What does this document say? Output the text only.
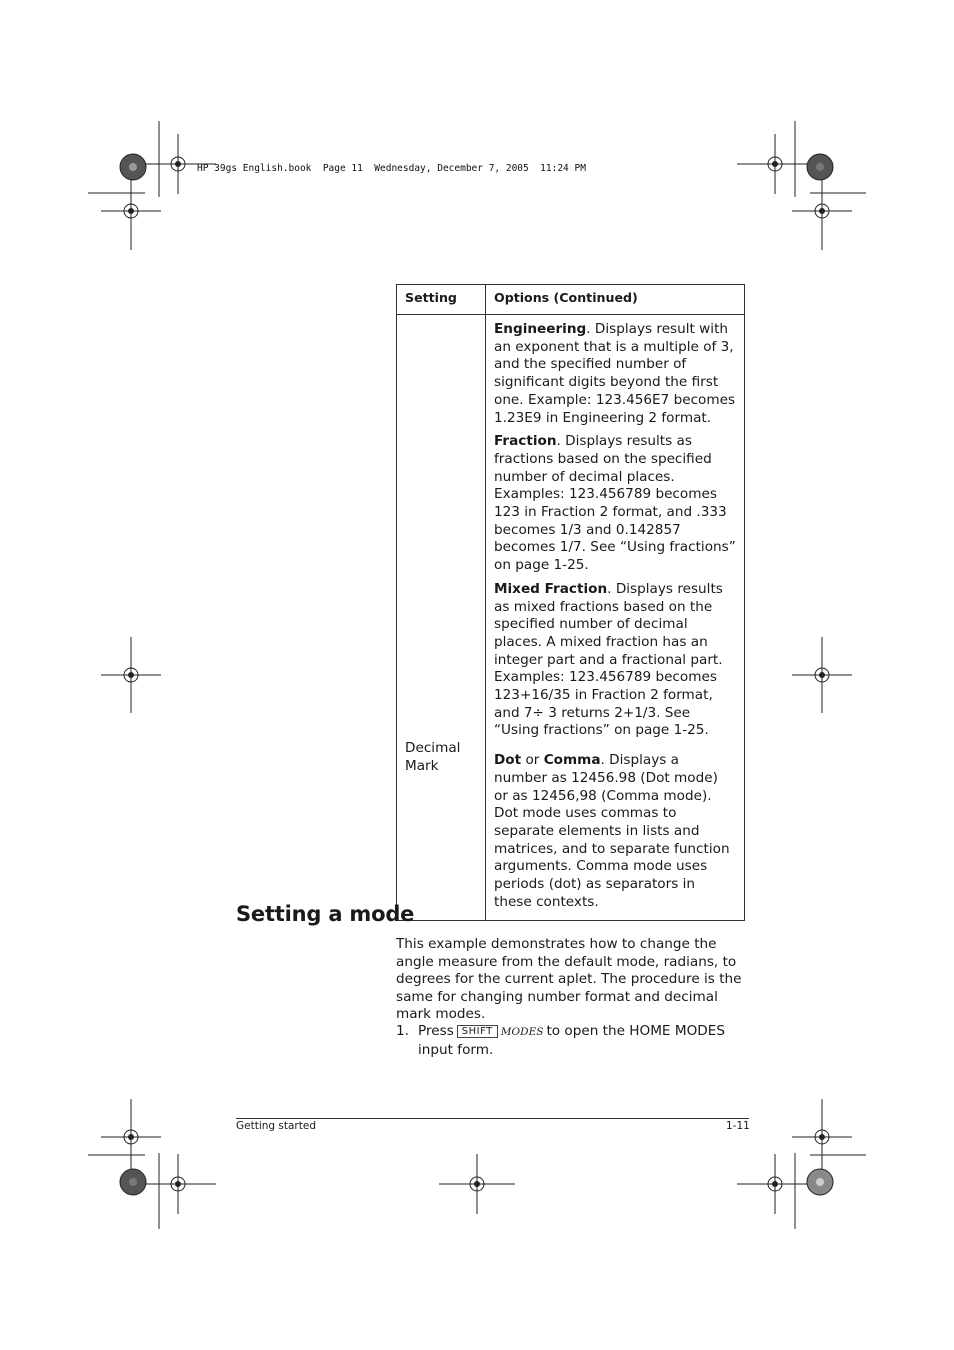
HP 39gs English.book  Page 11  Wednesday, December 7, 2005  11:24 PM
Setting	Options (Continued)

Decimal Mark	Engineering. Displays result with an exponent that is a multiple of 3, and the specified number of significant digits beyond the first one. Example: 123.456E7 becomes 1.23E9 in Engineering 2 format.

Fraction. Displays results as fractions based on the specified number of decimal places. Examples: 123.456789 becomes 123 in Fraction 2 format, and .333 becomes 1/3 and 0.142857 becomes 1/7. See “Using fractions” on page 1-25.

Mixed Fraction. Displays results as mixed fractions based on the specified number of decimal places. A mixed fraction has an integer part and a fractional part. Examples: 123.456789 becomes 123+16/35 in Fraction 2 format, and 7÷ 3 returns 2+1/3. See “Using fractions” on page 1-25.

Dot or Comma. Displays a number as 12456.98 (Dot mode) or as 12456,98 (Comma mode). Dot mode uses commas to separate elements in lists and matrices, and to separate function arguments. Comma mode uses periods (dot) as separators in these contexts.

Setting a mode

This example demonstrates how to change the angle measure from the default mode, radians, to degrees for the current aplet. The procedure is the same for changing number format and decimal mark modes.

1. Press SHIFT MODES to open the HOME MODES input form.
Getting started	1-11
